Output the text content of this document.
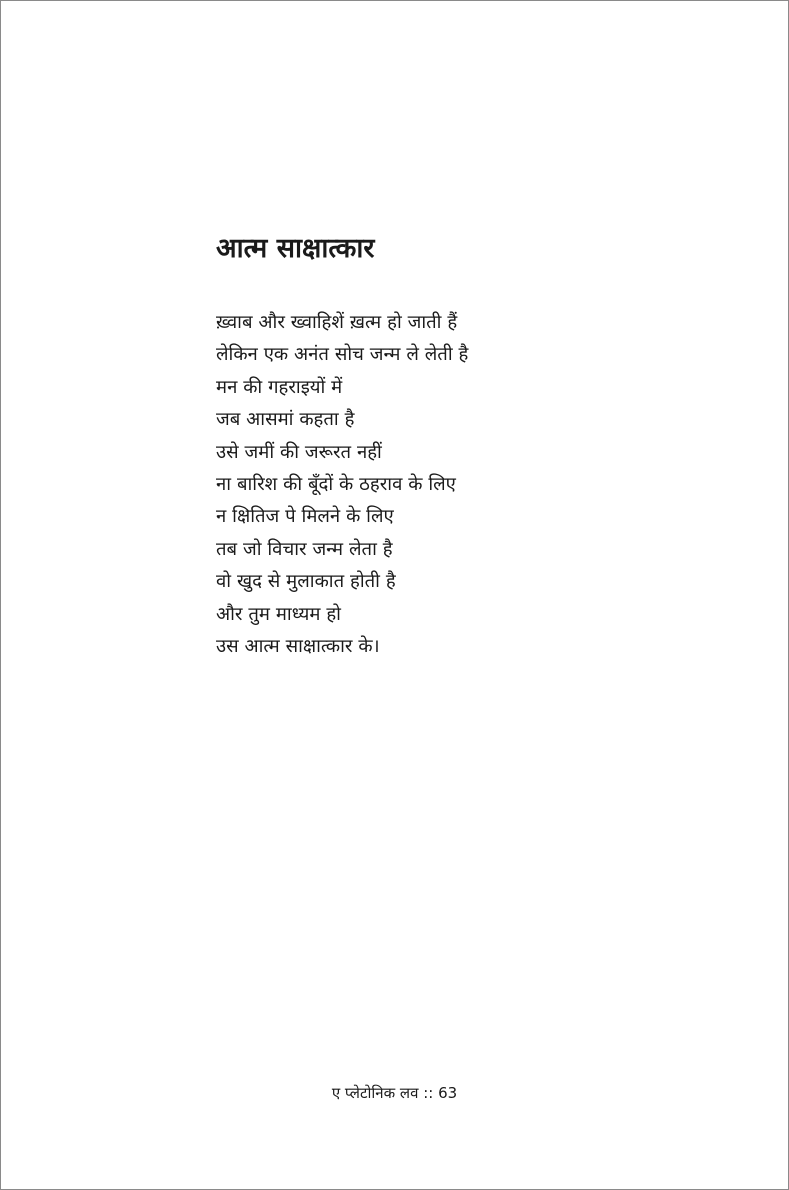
आत्म साक्षात्कार
ख़्वाब और ख्वाहिशें ख़त्म हो जाती हैं
लेकिन एक अनंत सोच जन्म ले लेती है
मन की गहराइयों में
जब आसमां कहता है
उसे जमीं की जरूरत नहीं
ना बारिश की बूँदों के ठहराव के लिए
न क्षितिज पे मिलने के लिए
तब जो विचार जन्म लेता है
वो खुद से मुलाकात होती है
और तुम माध्यम हो
उस आत्म साक्षात्कार के।
ए प्लेटोनिक लव :: 63
